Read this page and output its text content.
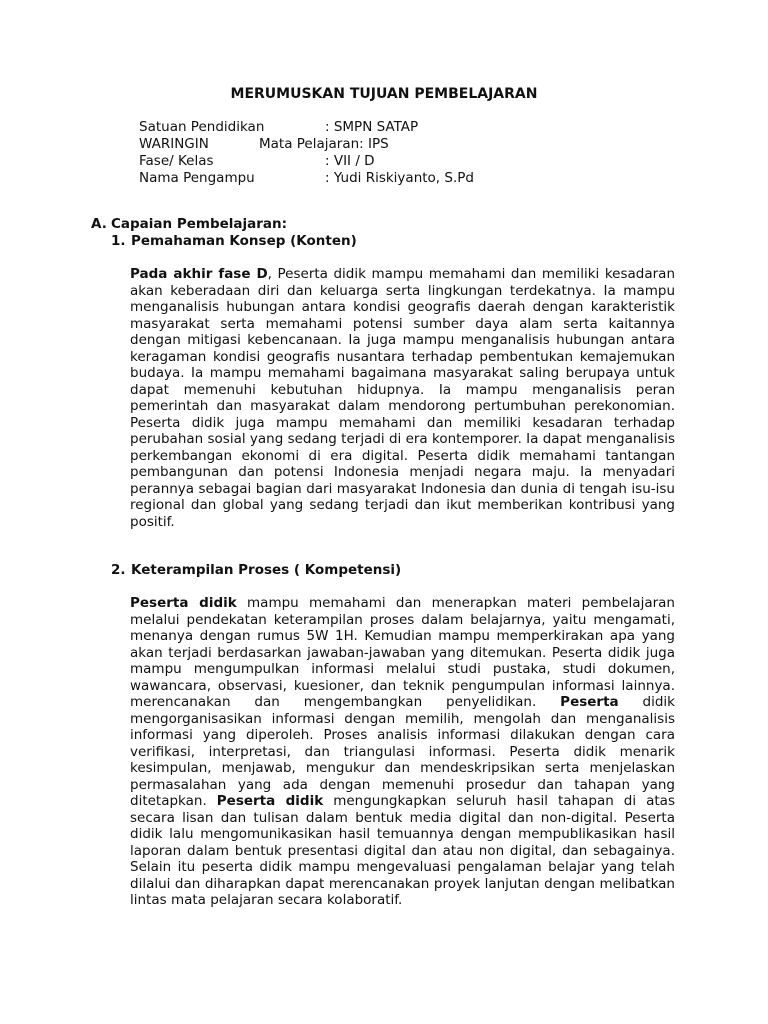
MERUMUSKAN TUJUAN PEMBELAJARAN
Satuan Pendidikan	: SMPN SATAP
WARINGIN	Mata Pelajaran: IPS
Fase/ Kelas	: VII / D
Nama Pengampu	: Yudi Riskiyanto, S.Pd
A. Capaian Pembelajaran:
1. Pemahaman Konsep (Konten)

Pada akhir fase D, Peserta didik mampu memahami dan memiliki kesadaran akan keberadaan diri dan keluarga serta lingkungan terdekatnya. Ia mampu menganalisis hubungan antara kondisi geografis daerah dengan karakteristik masyarakat serta memahami potensi sumber daya alam serta kaitannya dengan mitigasi kebencanaan. Ia juga mampu menganalisis hubungan antara keragaman kondisi geografis nusantara terhadap pembentukan kemajemukan budaya. Ia mampu memahami bagaimana masyarakat saling berupaya untuk dapat memenuhi kebutuhan hidupnya. Ia mampu menganalisis peran pemerintah dan masyarakat dalam mendorong pertumbuhan perekonomian. Peserta didik juga mampu memahami dan memiliki kesadaran terhadap perubahan sosial yang sedang terjadi di era kontemporer. Ia dapat menganalisis perkembangan ekonomi di era digital. Peserta didik memahami tantangan pembangunan dan potensi Indonesia menjadi negara maju. Ia menyadari perannya sebagai bagian dari masyarakat Indonesia dan dunia di tengah isu-isu regional dan global yang sedang terjadi dan ikut memberikan kontribusi yang positif.

2. Keterampilan Proses ( Kompetensi)

Peserta didik mampu memahami dan menerapkan materi pembelajaran melalui pendekatan keterampilan proses dalam belajarnya, yaitu mengamati, menanya dengan rumus 5W 1H. Kemudian mampu memperkirakan apa yang akan terjadi berdasarkan jawaban-jawaban yang ditemukan. Peserta didik juga mampu mengumpulkan informasi melalui studi pustaka, studi dokumen, wawancara, observasi, kuesioner, dan teknik pengumpulan informasi lainnya. merencanakan dan mengembangkan penyelidikan. Peserta didik mengorganisasikan informasi dengan memilih, mengolah dan menganalisis informasi yang diperoleh. Proses analisis informasi dilakukan dengan cara verifikasi, interpretasi, dan triangulasi informasi. Peserta didik menarik kesimpulan, menjawab, mengukur dan mendeskripsikan serta menjelaskan permasalahan yang ada dengan memenuhi prosedur dan tahapan yang ditetapkan. Peserta didik mengungkapkan seluruh hasil tahapan di atas secara lisan dan tulisan dalam bentuk media digital dan non-digital. Peserta didik lalu mengomunikasikan hasil temuannya dengan mempublikasikan hasil laporan dalam bentuk presentasi digital dan atau non digital, dan sebagainya. Selain itu peserta didik mampu mengevaluasi pengalaman belajar yang telah dilalui dan diharapkan dapat merencanakan proyek lanjutan dengan melibatkan lintas mata pelajaran secara kolaboratif.
